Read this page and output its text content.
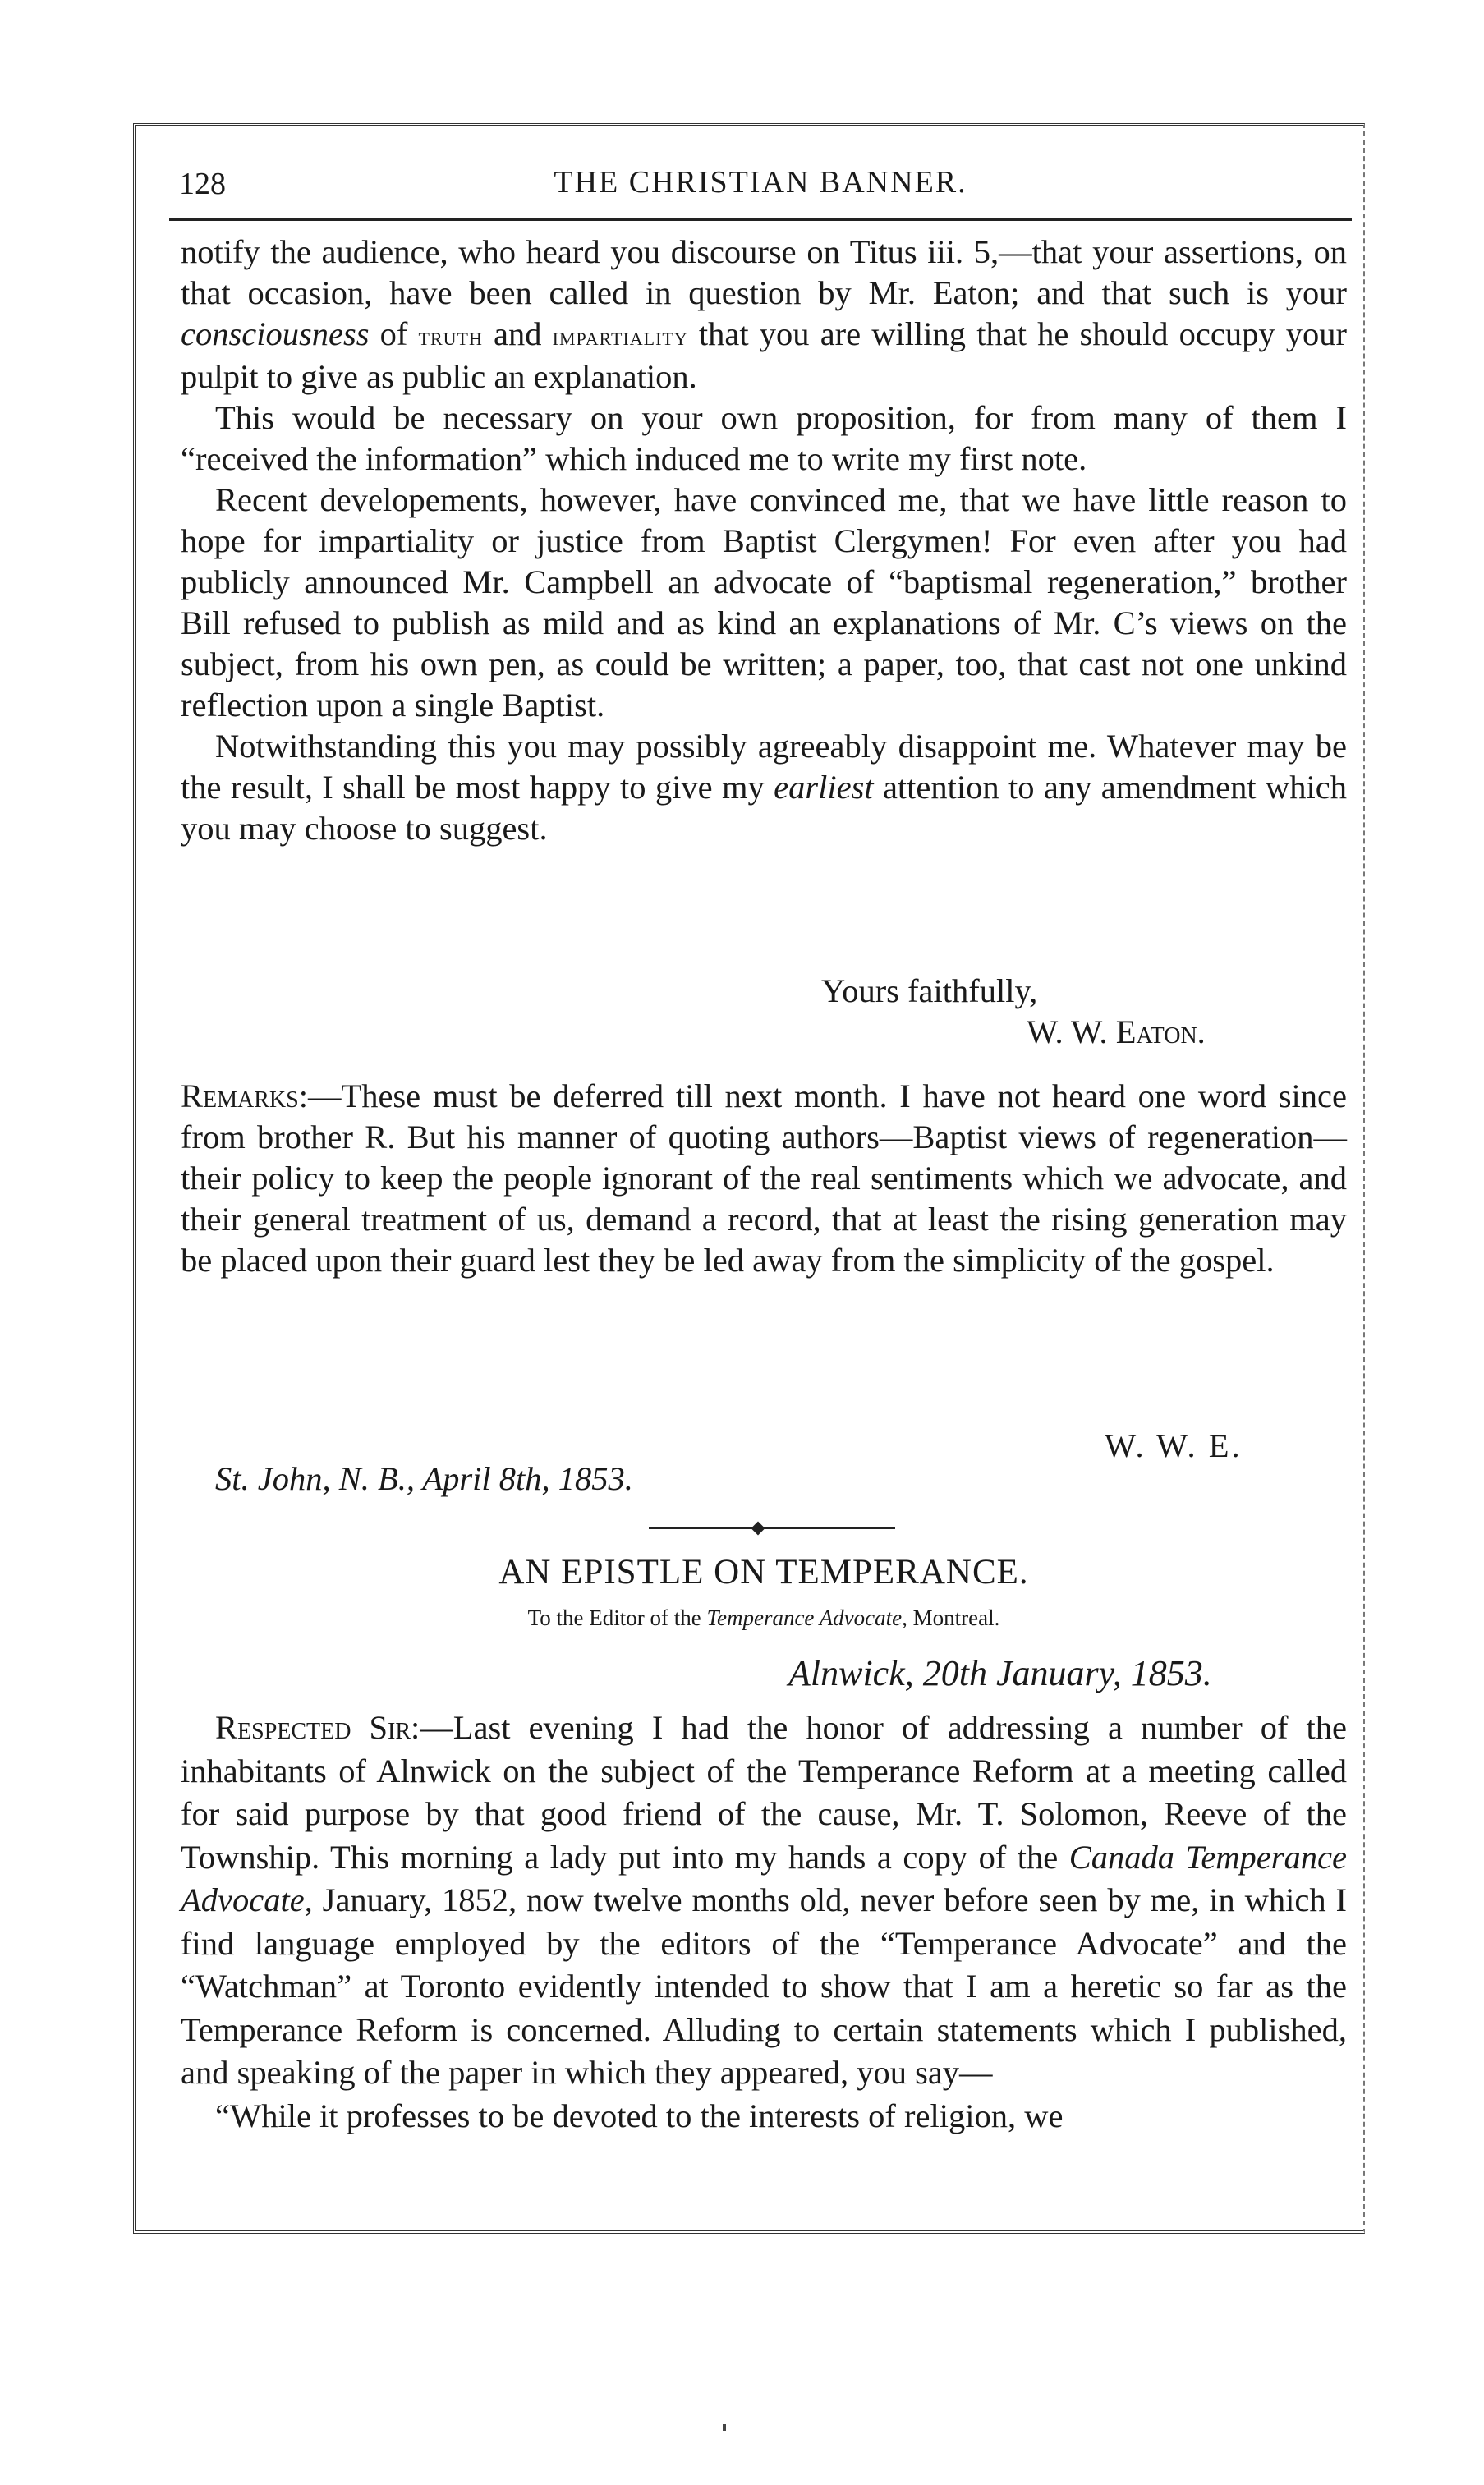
128	THE CHRISTIAN BANNER.

notify the audience, who heard you discourse on Titus iii. 5,—that your assertions, on that occasion, have been called in question by Mr. Eaton; and that such is your consciousness of truth and impartiality that you are willing that he should occupy your pulpit to give as public an explanation.

This would be necessary on your own proposition, for from many of them I “received the information” which induced me to write my first note.

Recent developements, however, have convinced me, that we have little reason to hope for impartiality or justice from Baptist Clergymen! For even after you had publicly announced Mr. Campbell an advocate of “baptismal regeneration,” brother Bill refused to publish as mild and as kind an explanations of Mr. C’s views on the subject, from his own pen, as could be written; a paper, too, that cast not one unkind reflection upon a single Baptist.

Notwithstanding this you may possibly agreeably disappoint me. Whatever may be the result, I shall be most happy to give my earliest attention to any amendment which you may choose to suggest.

Yours faithfully,
W. W. Eaton.

Remarks:—These must be deferred till next month. I have not heard one word since from brother R. But his manner of quoting authors—Baptist views of regeneration—their policy to keep the people ignorant of the real sentiments which we advocate, and their general treatment of us, demand a record, that at least the rising generation may be placed upon their guard lest they be led away from the simplicity of the gospel.

W. W. E.
St. John, N. B., April 8th, 1853.
AN EPISTLE ON TEMPERANCE.
To the Editor of the Temperance Advocate, Montreal.
Alnwick, 20th January, 1853.

Respected Sir:—Last evening I had the honor of addressing a number of the inhabitants of Alnwick on the subject of the Temperance Reform at a meeting called for said purpose by that good friend of the cause, Mr. T. Solomon, Reeve of the Township. This morning a lady put into my hands a copy of the Canada Temperance Advocate, January, 1852, now twelve months old, never before seen by me, in which I find language employed by the editors of the “Temperance Advocate” and the “Watchman” at Toronto evidently intended to show that I am a heretic so far as the Temperance Reform is concerned. Alluding to certain statements which I published, and speaking of the paper in which they appeared, you say—

“While it professes to be devoted to the interests of religion, we
